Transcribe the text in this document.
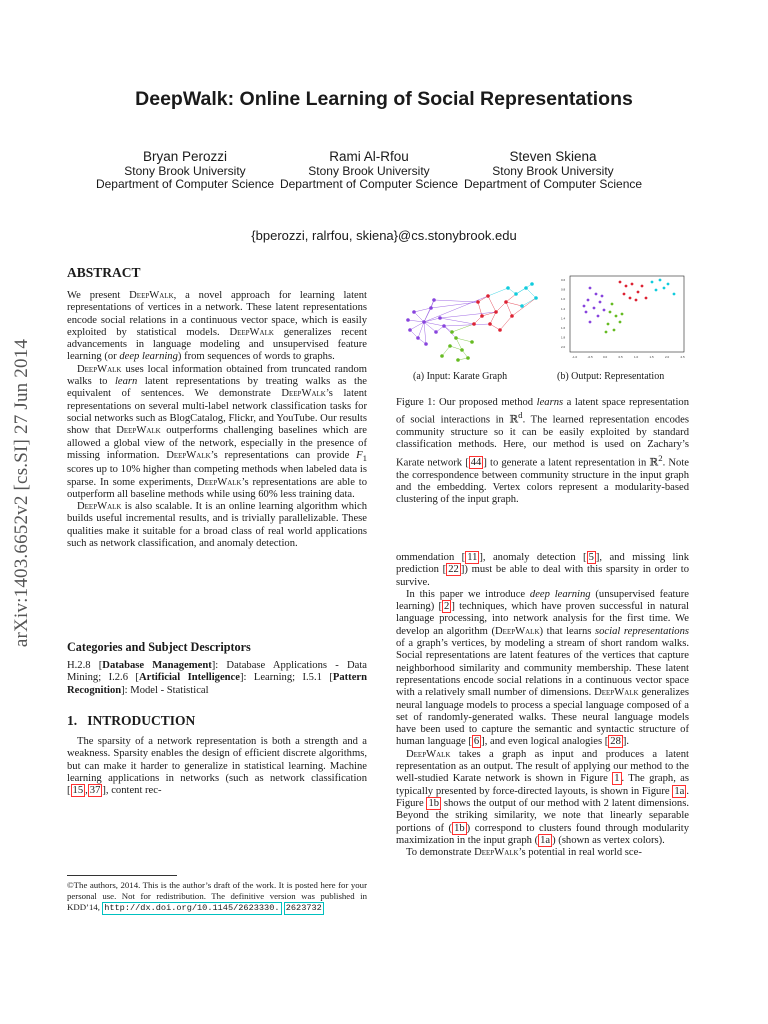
DeepWalk: Online Learning of Social Representations
Bryan Perozzi
Stony Brook University
Department of Computer Science
Rami Al-Rfou
Stony Brook University
Department of Computer Science
Steven Skiena
Stony Brook University
Department of Computer Science
{bperozzi, ralrfou, skiena}@cs.stonybrook.edu
arXiv:1403.6652v2 [cs.SI] 27 Jun 2014
ABSTRACT

We present DeepWalk, a novel approach for learning latent representations of vertices in a network. These latent representations encode social relations in a continuous vector space, which is easily exploited by statistical models. DeepWalk generalizes recent advancements in language modeling and unsupervised feature learning (or deep learning) from sequences of words to graphs.

DeepWalk uses local information obtained from truncated random walks to learn latent representations by treating walks as the equivalent of sentences. We demonstrate DeepWalk’s latent representations on several multi-label network classification tasks for social networks such as BlogCatalog, Flickr, and YouTube. Our results show that DeepWalk outperforms challenging baselines which are allowed a global view of the network, especially in the presence of missing information. DeepWalk’s representations can provide $F_1$ scores up to 10% higher than competing methods when labeled data is sparse. In some experiments, DeepWalk’s representations are able to outperform all baseline methods while using 60% less training data.

DeepWalk is also scalable. It is an online learning algorithm which builds useful incremental results, and is trivially parallelizable. These qualities make it suitable for a broad class of real world applications such as network classification, and anomaly detection.

Categories and Subject Descriptors

H.2.8 [Database Management]: Database Applications - Data Mining; I.2.6 [Artificial Intelligence]: Learning; I.5.1 [Pattern Recognition]: Model - Statistical

1.   INTRODUCTION

The sparsity of a network representation is both a strength and a weakness. Sparsity enables the design of efficient discrete algorithms, but can make it harder to generalize in statistical learning. Machine learning applications in networks (such as network classification [ 15 , 37 ], content rec-

©The authors, 2014. This is the author’s draft of the work. It is posted here for your personal use. Not for redistribution. The definitive version was published in KDD’14, http://dx.doi.org/10.1145/2623330. 2623732
0.6
0.8
1.0
1.2
1.4
1.6
1.8
2.0
-1.0	-0.5	0.0	0.5	1.0	1.5	2.0	2.5
(a) Input: Karate Graph	(b) Output: Representation

Figure 1: Our proposed method learns a latent space representation of social interactions in ℝ$^d$. The learned representation encodes community structure so it can be easily exploited by standard classification methods. Here, our method is used on Zachary’s Karate network [ 44 ] to generate a latent representation in ℝ$^2$. Note the correspondence between community structure in the input graph and the embedding. Vertex colors represent a modularity-based clustering of the input graph.

ommendation [ 11 ], anomaly detection [ 5 ], and missing link prediction [ 22 ]) must be able to deal with this sparsity in order to survive.

In this paper we introduce deep learning (unsupervised feature learning) [ 2 ] techniques, which have proven successful in natural language processing, into network analysis for the first time. We develop an algorithm (DeepWalk) that learns social representations of a graph’s vertices, by modeling a stream of short random walks. Social representations are latent features of the vertices that capture neighborhood similarity and community membership. These latent representations encode social relations in a continuous vector space with a relatively small number of dimensions. DeepWalk generalizes neural language models to process a special language composed of a set of randomly-generated walks. These neural language models have been used to capture the semantic and syntactic structure of human language [ 6 ], and even logical analogies [ 28 ].

DeepWalk takes a graph as input and produces a latent representation as an output. The result of applying our method to the well-studied Karate network is shown in Figure 1 . The graph, as typically presented by force-directed layouts, is shown in Figure 1a . Figure 1b shows the output of our method with 2 latent dimensions. Beyond the striking similarity, we note that linearly separable portions of ( 1b ) correspond to clusters found through modularity maximization in the input graph ( 1a ) (shown as vertex colors).

To demonstrate DeepWalk’s potential in real world sce-
